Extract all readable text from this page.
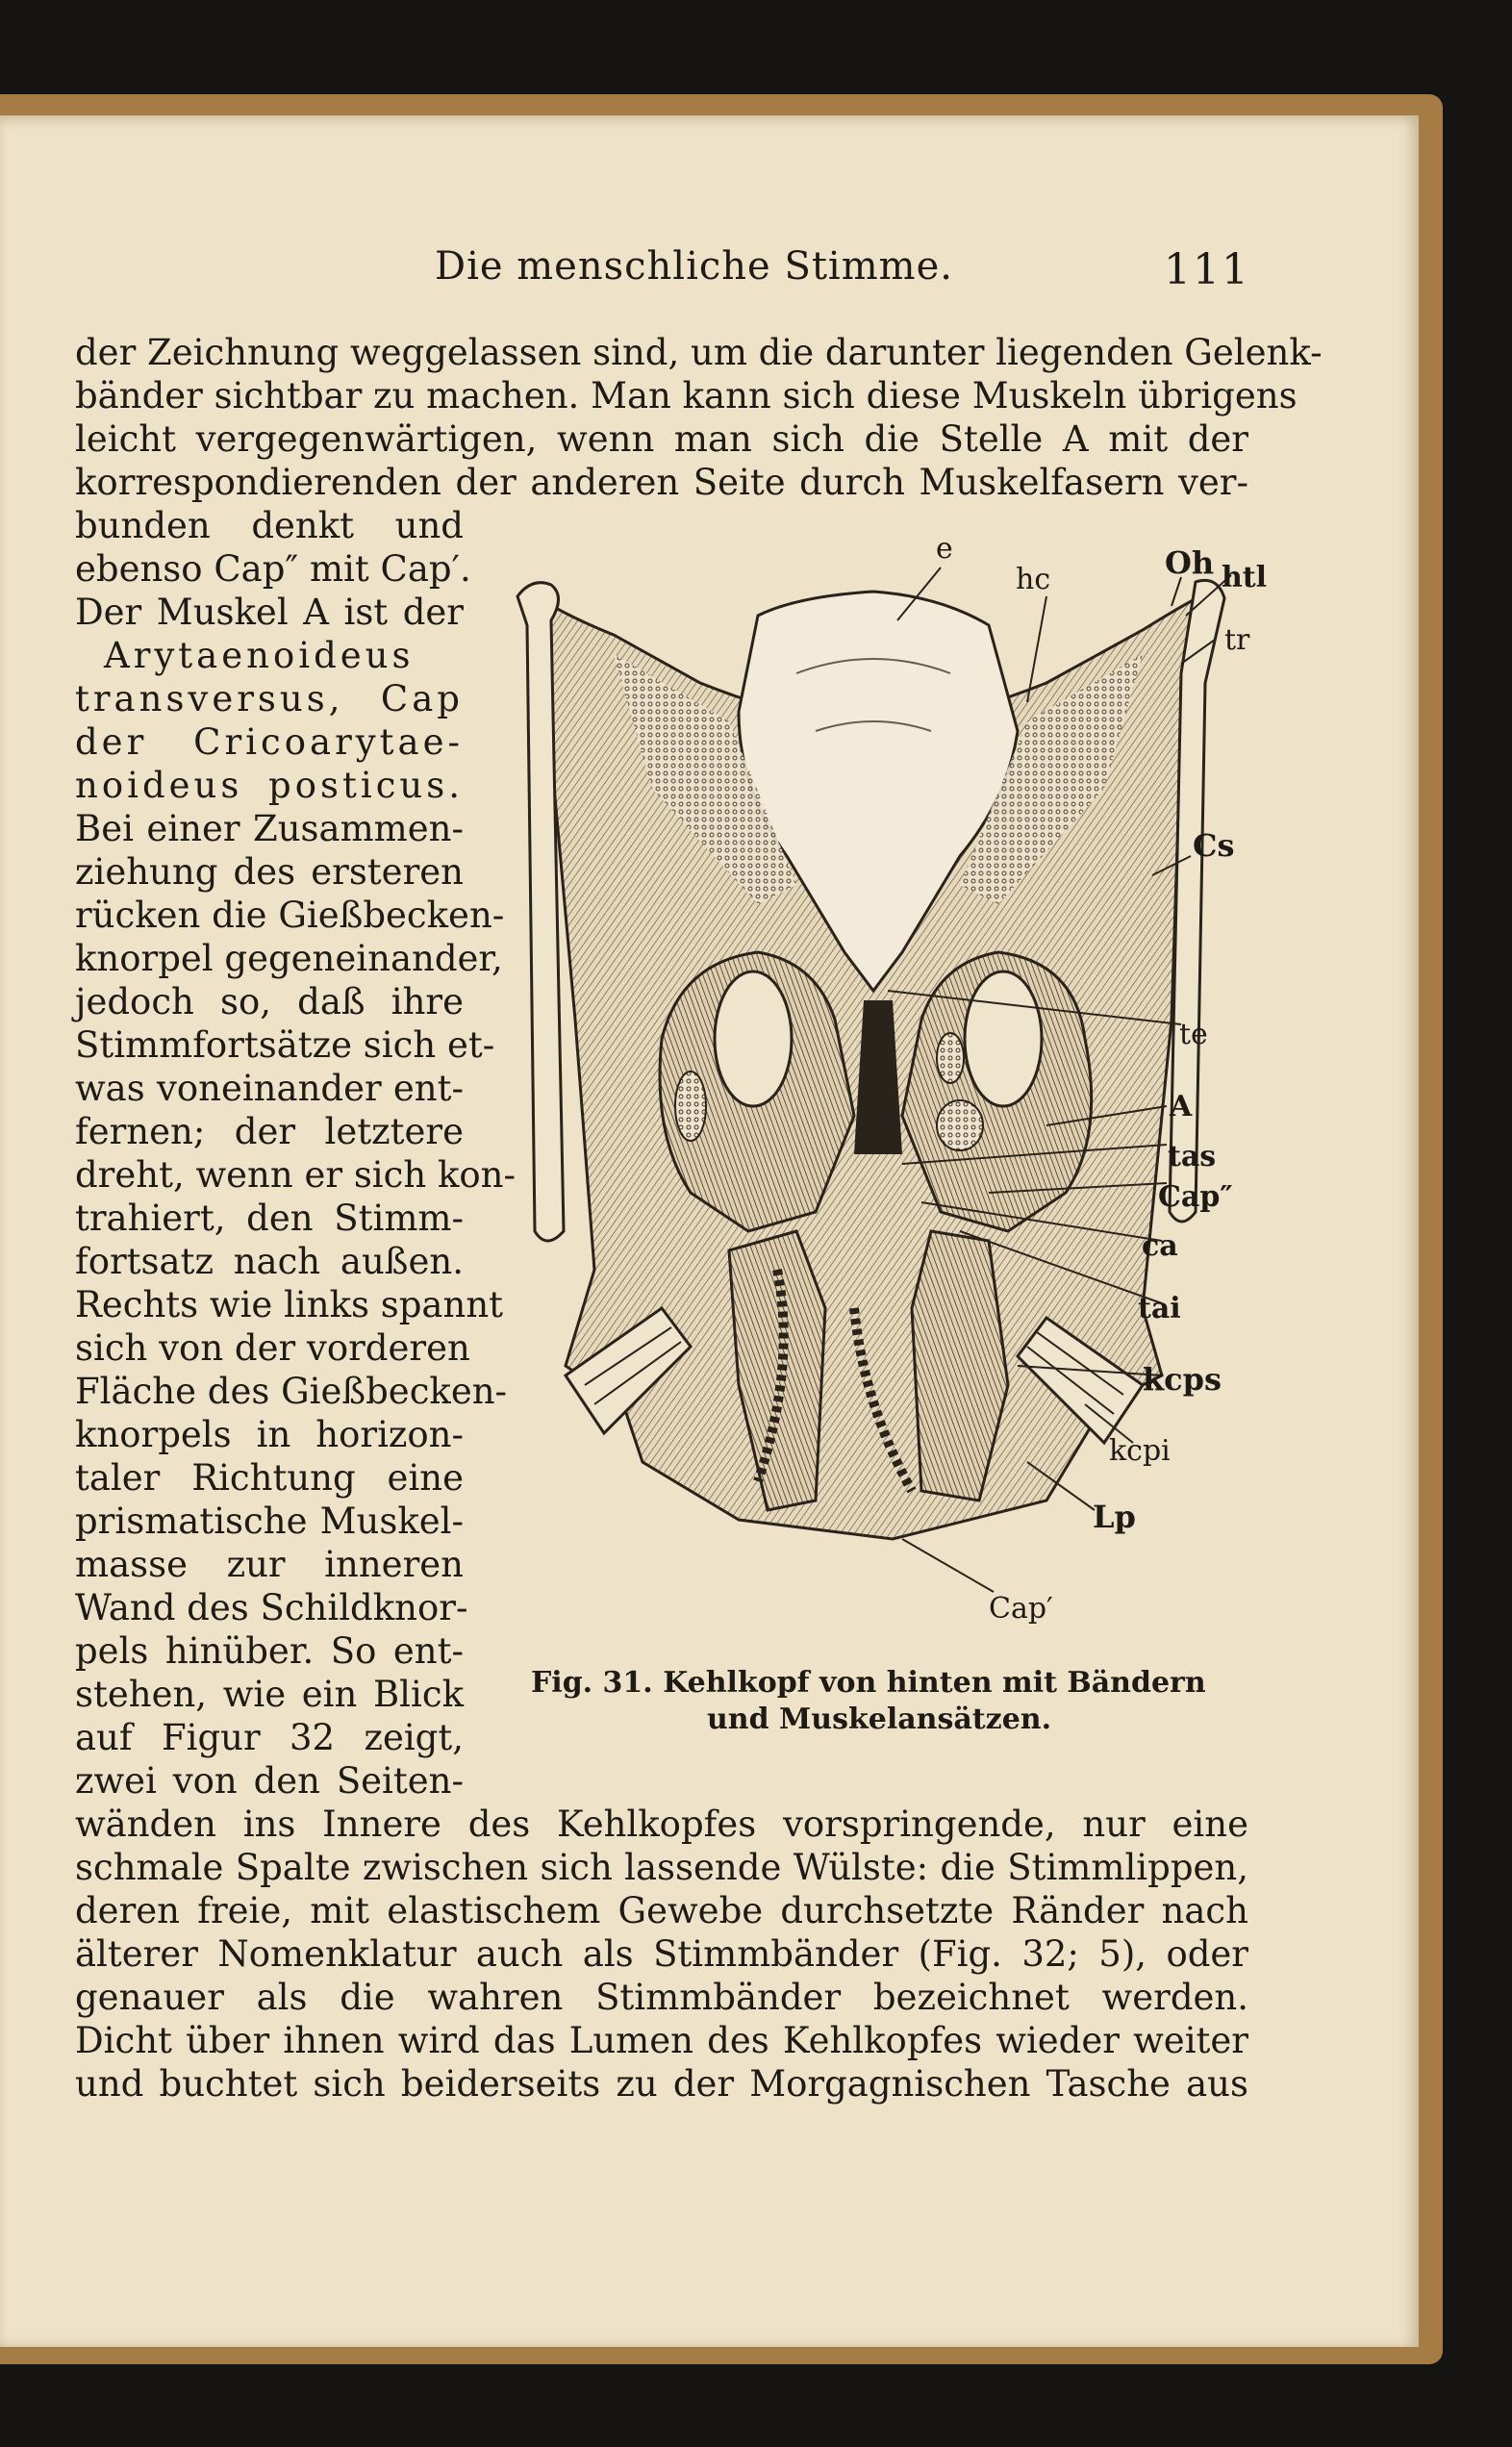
Die menschliche Stimme.	111
der Zeichnung weggelassen sind, um die darunter liegenden Gelenk-
bänder sichtbar zu machen. Man kann sich diese Muskeln übrigens
leicht vergegenwärtigen, wenn man sich die Stelle A mit der
korrespondierenden der anderen Seite durch Muskelfasern ver-
bunden denkt und
ebenso Cap″ mit Cap′.
Der Muskel A ist der
Arytaenoideus
transversus, Cap
der Cricoarytae-
noideus posticus.
Bei einer Zusammen-
ziehung des ersteren
rücken die Gießbecken-
knorpel gegeneinander,
jedoch so, daß ihre
Stimmfortsätze sich et-
was voneinander ent-
fernen; der letztere
dreht, wenn er sich kon-
trahiert, den Stimm-
fortsatz nach außen.
Rechts wie links spannt
sich von der vorderen
Fläche des Gießbecken-
knorpels in horizon-
taler Richtung eine
prismatische Muskel-
masse zur inneren
Wand des Schildknor-
pels hinüber. So ent-
stehen, wie ein Blick
auf Figur 32 zeigt,
zwei von den Seiten-
wänden ins Innere des Kehlkopfes vorspringende, nur eine
schmale Spalte zwischen sich lassende Wülste: die Stimmlippen,
deren freie, mit elastischem Gewebe durchsetzte Ränder nach
älterer Nomenklatur auch als Stimmbänder (Fig. 32; 5), oder
genauer als die wahren Stimmbänder bezeichnet werden.
Dicht über ihnen wird das Lumen des Kehlkopfes wieder weiter
und buchtet sich beiderseits zu der Morgagnischen Tasche aus
e
hc	Oh htl
tr
Cs
te
A
tas
Cap″
ca
tai
kcps
kcpi
Lp
Cap′
Fig. 31. Kehlkopf von hinten mit Bändern
und Muskelansätzen.
